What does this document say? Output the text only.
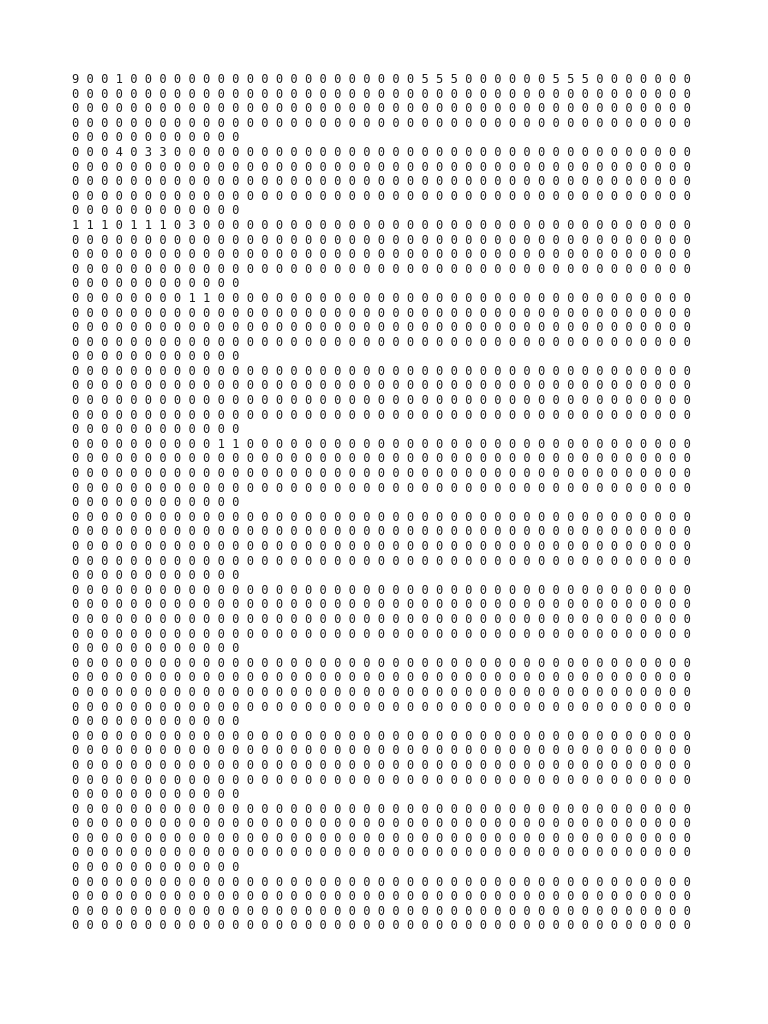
9 0 0 1 0 0 0 0 0 0 0 0 0 0 0 0 0 0 0 0 0 0 0 0 5 5 5 0 0 0 0 0 0 5 5 5 0 0 0 0 0 0 0
0 0 0 0 0 0 0 0 0 0 0 0 0 0 0 0 0 0 0 0 0 0 0 0 0 0 0 0 0 0 0 0 0 0 0 0 0 0 0 0 0 0 0
0 0 0 0 0 0 0 0 0 0 0 0 0 0 0 0 0 0 0 0 0 0 0 0 0 0 0 0 0 0 0 0 0 0 0 0 0 0 0 0 0 0 0
0 0 0 0 0 0 0 0 0 0 0 0 0 0 0 0 0 0 0 0 0 0 0 0 0 0 0 0 0 0 0 0 0 0 0 0 0 0 0 0 0 0 0
0 0 0 0 0 0 0 0 0 0 0 0
0 0 0 4 0 3 3 0 0 0 0 0 0 0 0 0 0 0 0 0 0 0 0 0 0 0 0 0 0 0 0 0 0 0 0 0 0 0 0 0 0 0 0
0 0 0 0 0 0 0 0 0 0 0 0 0 0 0 0 0 0 0 0 0 0 0 0 0 0 0 0 0 0 0 0 0 0 0 0 0 0 0 0 0 0 0
0 0 0 0 0 0 0 0 0 0 0 0 0 0 0 0 0 0 0 0 0 0 0 0 0 0 0 0 0 0 0 0 0 0 0 0 0 0 0 0 0 0 0
0 0 0 0 0 0 0 0 0 0 0 0 0 0 0 0 0 0 0 0 0 0 0 0 0 0 0 0 0 0 0 0 0 0 0 0 0 0 0 0 0 0 0
0 0 0 0 0 0 0 0 0 0 0 0
1 1 1 0 1 1 1 0 3 0 0 0 0 0 0 0 0 0 0 0 0 0 0 0 0 0 0 0 0 0 0 0 0 0 0 0 0 0 0 0 0 0 0
0 0 0 0 0 0 0 0 0 0 0 0 0 0 0 0 0 0 0 0 0 0 0 0 0 0 0 0 0 0 0 0 0 0 0 0 0 0 0 0 0 0 0
0 0 0 0 0 0 0 0 0 0 0 0 0 0 0 0 0 0 0 0 0 0 0 0 0 0 0 0 0 0 0 0 0 0 0 0 0 0 0 0 0 0 0
0 0 0 0 0 0 0 0 0 0 0 0 0 0 0 0 0 0 0 0 0 0 0 0 0 0 0 0 0 0 0 0 0 0 0 0 0 0 0 0 0 0 0
0 0 0 0 0 0 0 0 0 0 0 0
0 0 0 0 0 0 0 0 1 1 0 0 0 0 0 0 0 0 0 0 0 0 0 0 0 0 0 0 0 0 0 0 0 0 0 0 0 0 0 0 0 0 0
0 0 0 0 0 0 0 0 0 0 0 0 0 0 0 0 0 0 0 0 0 0 0 0 0 0 0 0 0 0 0 0 0 0 0 0 0 0 0 0 0 0 0
0 0 0 0 0 0 0 0 0 0 0 0 0 0 0 0 0 0 0 0 0 0 0 0 0 0 0 0 0 0 0 0 0 0 0 0 0 0 0 0 0 0 0
0 0 0 0 0 0 0 0 0 0 0 0 0 0 0 0 0 0 0 0 0 0 0 0 0 0 0 0 0 0 0 0 0 0 0 0 0 0 0 0 0 0 0
0 0 0 0 0 0 0 0 0 0 0 0
0 0 0 0 0 0 0 0 0 0 0 0 0 0 0 0 0 0 0 0 0 0 0 0 0 0 0 0 0 0 0 0 0 0 0 0 0 0 0 0 0 0 0
0 0 0 0 0 0 0 0 0 0 0 0 0 0 0 0 0 0 0 0 0 0 0 0 0 0 0 0 0 0 0 0 0 0 0 0 0 0 0 0 0 0 0
0 0 0 0 0 0 0 0 0 0 0 0 0 0 0 0 0 0 0 0 0 0 0 0 0 0 0 0 0 0 0 0 0 0 0 0 0 0 0 0 0 0 0
0 0 0 0 0 0 0 0 0 0 0 0 0 0 0 0 0 0 0 0 0 0 0 0 0 0 0 0 0 0 0 0 0 0 0 0 0 0 0 0 0 0 0
0 0 0 0 0 0 0 0 0 0 0 0
0 0 0 0 0 0 0 0 0 0 1 1 0 0 0 0 0 0 0 0 0 0 0 0 0 0 0 0 0 0 0 0 0 0 0 0 0 0 0 0 0 0 0
0 0 0 0 0 0 0 0 0 0 0 0 0 0 0 0 0 0 0 0 0 0 0 0 0 0 0 0 0 0 0 0 0 0 0 0 0 0 0 0 0 0 0
0 0 0 0 0 0 0 0 0 0 0 0 0 0 0 0 0 0 0 0 0 0 0 0 0 0 0 0 0 0 0 0 0 0 0 0 0 0 0 0 0 0 0
0 0 0 0 0 0 0 0 0 0 0 0 0 0 0 0 0 0 0 0 0 0 0 0 0 0 0 0 0 0 0 0 0 0 0 0 0 0 0 0 0 0 0
0 0 0 0 0 0 0 0 0 0 0 0
0 0 0 0 0 0 0 0 0 0 0 0 0 0 0 0 0 0 0 0 0 0 0 0 0 0 0 0 0 0 0 0 0 0 0 0 0 0 0 0 0 0 0
0 0 0 0 0 0 0 0 0 0 0 0 0 0 0 0 0 0 0 0 0 0 0 0 0 0 0 0 0 0 0 0 0 0 0 0 0 0 0 0 0 0 0
0 0 0 0 0 0 0 0 0 0 0 0 0 0 0 0 0 0 0 0 0 0 0 0 0 0 0 0 0 0 0 0 0 0 0 0 0 0 0 0 0 0 0
0 0 0 0 0 0 0 0 0 0 0 0 0 0 0 0 0 0 0 0 0 0 0 0 0 0 0 0 0 0 0 0 0 0 0 0 0 0 0 0 0 0 0
0 0 0 0 0 0 0 0 0 0 0 0
0 0 0 0 0 0 0 0 0 0 0 0 0 0 0 0 0 0 0 0 0 0 0 0 0 0 0 0 0 0 0 0 0 0 0 0 0 0 0 0 0 0 0
0 0 0 0 0 0 0 0 0 0 0 0 0 0 0 0 0 0 0 0 0 0 0 0 0 0 0 0 0 0 0 0 0 0 0 0 0 0 0 0 0 0 0
0 0 0 0 0 0 0 0 0 0 0 0 0 0 0 0 0 0 0 0 0 0 0 0 0 0 0 0 0 0 0 0 0 0 0 0 0 0 0 0 0 0 0
0 0 0 0 0 0 0 0 0 0 0 0 0 0 0 0 0 0 0 0 0 0 0 0 0 0 0 0 0 0 0 0 0 0 0 0 0 0 0 0 0 0 0
0 0 0 0 0 0 0 0 0 0 0 0
0 0 0 0 0 0 0 0 0 0 0 0 0 0 0 0 0 0 0 0 0 0 0 0 0 0 0 0 0 0 0 0 0 0 0 0 0 0 0 0 0 0 0
0 0 0 0 0 0 0 0 0 0 0 0 0 0 0 0 0 0 0 0 0 0 0 0 0 0 0 0 0 0 0 0 0 0 0 0 0 0 0 0 0 0 0
0 0 0 0 0 0 0 0 0 0 0 0 0 0 0 0 0 0 0 0 0 0 0 0 0 0 0 0 0 0 0 0 0 0 0 0 0 0 0 0 0 0 0
0 0 0 0 0 0 0 0 0 0 0 0 0 0 0 0 0 0 0 0 0 0 0 0 0 0 0 0 0 0 0 0 0 0 0 0 0 0 0 0 0 0 0
0 0 0 0 0 0 0 0 0 0 0 0
0 0 0 0 0 0 0 0 0 0 0 0 0 0 0 0 0 0 0 0 0 0 0 0 0 0 0 0 0 0 0 0 0 0 0 0 0 0 0 0 0 0 0
0 0 0 0 0 0 0 0 0 0 0 0 0 0 0 0 0 0 0 0 0 0 0 0 0 0 0 0 0 0 0 0 0 0 0 0 0 0 0 0 0 0 0
0 0 0 0 0 0 0 0 0 0 0 0 0 0 0 0 0 0 0 0 0 0 0 0 0 0 0 0 0 0 0 0 0 0 0 0 0 0 0 0 0 0 0
0 0 0 0 0 0 0 0 0 0 0 0 0 0 0 0 0 0 0 0 0 0 0 0 0 0 0 0 0 0 0 0 0 0 0 0 0 0 0 0 0 0 0
0 0 0 0 0 0 0 0 0 0 0 0
0 0 0 0 0 0 0 0 0 0 0 0 0 0 0 0 0 0 0 0 0 0 0 0 0 0 0 0 0 0 0 0 0 0 0 0 0 0 0 0 0 0 0
0 0 0 0 0 0 0 0 0 0 0 0 0 0 0 0 0 0 0 0 0 0 0 0 0 0 0 0 0 0 0 0 0 0 0 0 0 0 0 0 0 0 0
0 0 0 0 0 0 0 0 0 0 0 0 0 0 0 0 0 0 0 0 0 0 0 0 0 0 0 0 0 0 0 0 0 0 0 0 0 0 0 0 0 0 0
0 0 0 0 0 0 0 0 0 0 0 0 0 0 0 0 0 0 0 0 0 0 0 0 0 0 0 0 0 0 0 0 0 0 0 0 0 0 0 0 0 0 0
0 0 0 0 0 0 0 0 0 0 0 0
0 0 0 0 0 0 0 0 0 0 0 0 0 0 0 0 0 0 0 0 0 0 0 0 0 0 0 0 0 0 0 0 0 0 0 0 0 0 0 0 0 0 0
0 0 0 0 0 0 0 0 0 0 0 0 0 0 0 0 0 0 0 0 0 0 0 0 0 0 0 0 0 0 0 0 0 0 0 0 0 0 0 0 0 0 0
0 0 0 0 0 0 0 0 0 0 0 0 0 0 0 0 0 0 0 0 0 0 0 0 0 0 0 0 0 0 0 0 0 0 0 0 0 0 0 0 0 0 0
0 0 0 0 0 0 0 0 0 0 0 0 0 0 0 0 0 0 0 0 0 0 0 0 0 0 0 0 0 0 0 0 0 0 0 0 0 0 0 0 0 0 0
